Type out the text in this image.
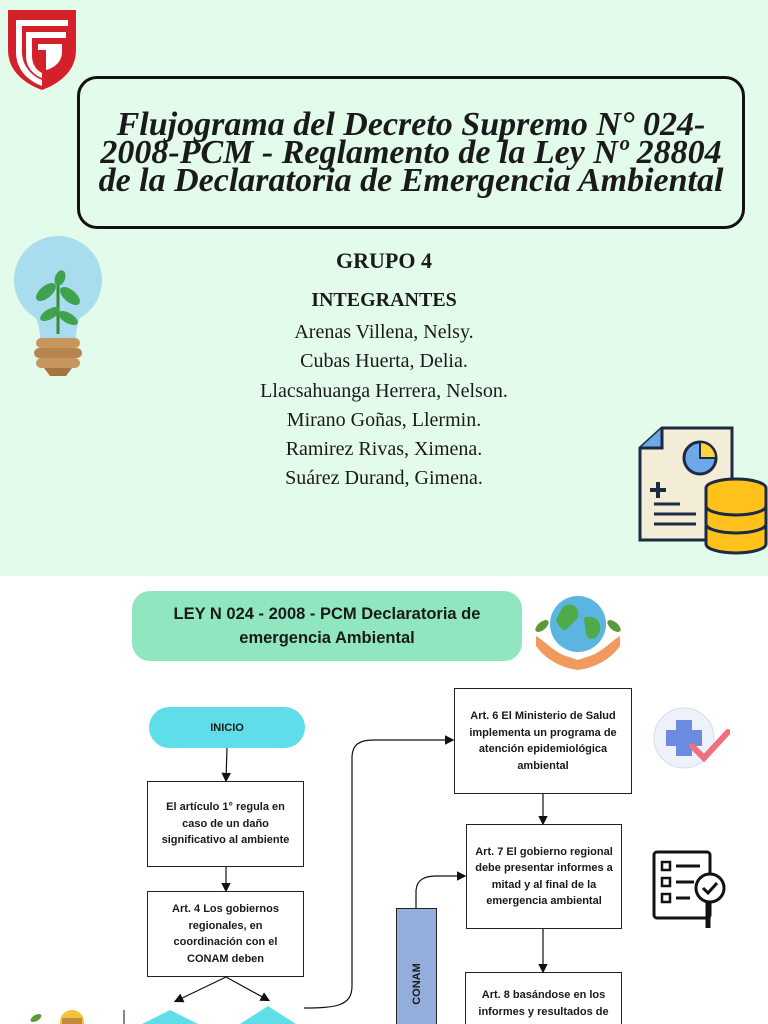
Flujograma del Decreto Supremo N° 024-2008-PCM - Reglamento de la Ley Nº 28804 de la Declaratoria de Emergencia Ambiental
GRUPO 4
INTEGRANTES
Arenas Villena, Nelsy.
Cubas Huerta, Delia.
Llacsahuanga Herrera, Nelson.
Mirano Goñas, Llermin.
Ramirez Rivas, Ximena.
Suárez Durand, Gimena.
LEY N 024 - 2008 - PCM Declaratoria de emergencia Ambiental
INICIO
El artículo 1° regula en caso de un daño significativo al ambiente
Art. 4 Los gobiernos regionales, en coordinación con el CONAM deben
Art. 6 El Ministerio de Salud implementa un programa de atención epidemiológica ambiental
Art. 7 El gobierno regional debe presentar informes a mitad y al final de la emergencia ambiental
Art. 8 basándose en los informes y resultados de
CONAM
